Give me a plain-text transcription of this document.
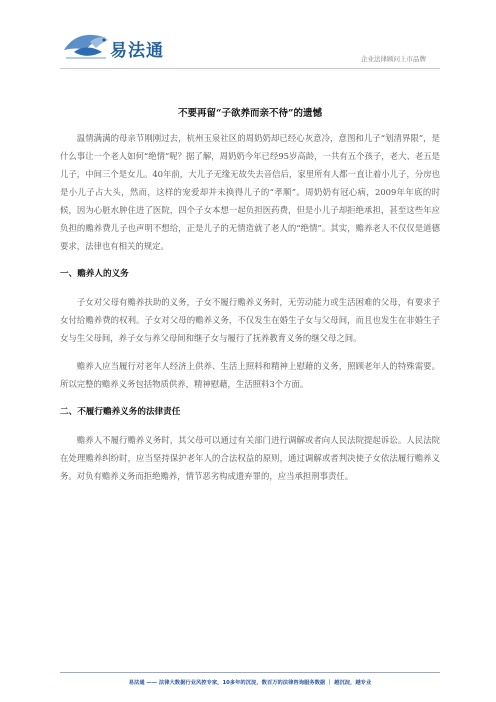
易法通	企业法律顾问上市品牌
不要再留“子欲养而亲不待”的遗憾

温情满满的母亲节刚刚过去，杭州玉泉社区的周奶奶却已经心灰意冷，意图和儿子“划清界限”，是什么事让一个老人如何“绝情”呢？据了解，周奶奶今年已经95岁高龄，一共有五个孩子，老大、老五是儿子，中间三个是女儿。40年前，大儿子无缘无故失去音信后，家里所有人都一直让着小儿子，分房也是小儿子占大头，然而，这样的宠爱却并未换得儿子的“孝顺”。周奶奶有冠心病，2009年年底的时候，因为心脏水肿住进了医院，四个子女本想一起负担医药费，但是小儿子却拒绝承担，甚至这些年应负担的赡养费儿子也声明不想给，正是儿子的无情造就了老人的“绝情”。其实，赡养老人不仅仅是道德要求，法律也有相关的规定。

一、赡养人的义务

子女对父母有赡养扶助的义务，子女不履行赡养义务时，无劳动能力或生活困难的父母，有要求子女付给赡养费的权利。子女对父母的赡养义务，不仅发生在婚生子女与父母间，而且也发生在非婚生子女与生父母间，养子女与养父母间和继子女与履行了抚养教育义务的继父母之间。

赡养人应当履行对老年人经济上供养、生活上照料和精神上慰藉的义务，照顾老年人的特殊需要。所以完整的赡养义务包括物质供养，精神慰藉，生活照料3个方面。

二、不履行赡养义务的法律责任

赡养人不履行赡养义务时，其父母可以通过有关部门进行调解或者向人民法院提起诉讼。人民法院在处理赡养纠纷时，应当坚持保护老年人的合法权益的原则，通过调解或者判决使子女依法履行赡养义务。对负有赡养义务而拒绝赡养，情节恶劣构成遗弃罪的，应当承担刑事责任。

易法通 —— 法律大数据行业风控专家，10多年的沉淀，数百万的法律咨询服务数据 ｜ 越沉淀，越专业
